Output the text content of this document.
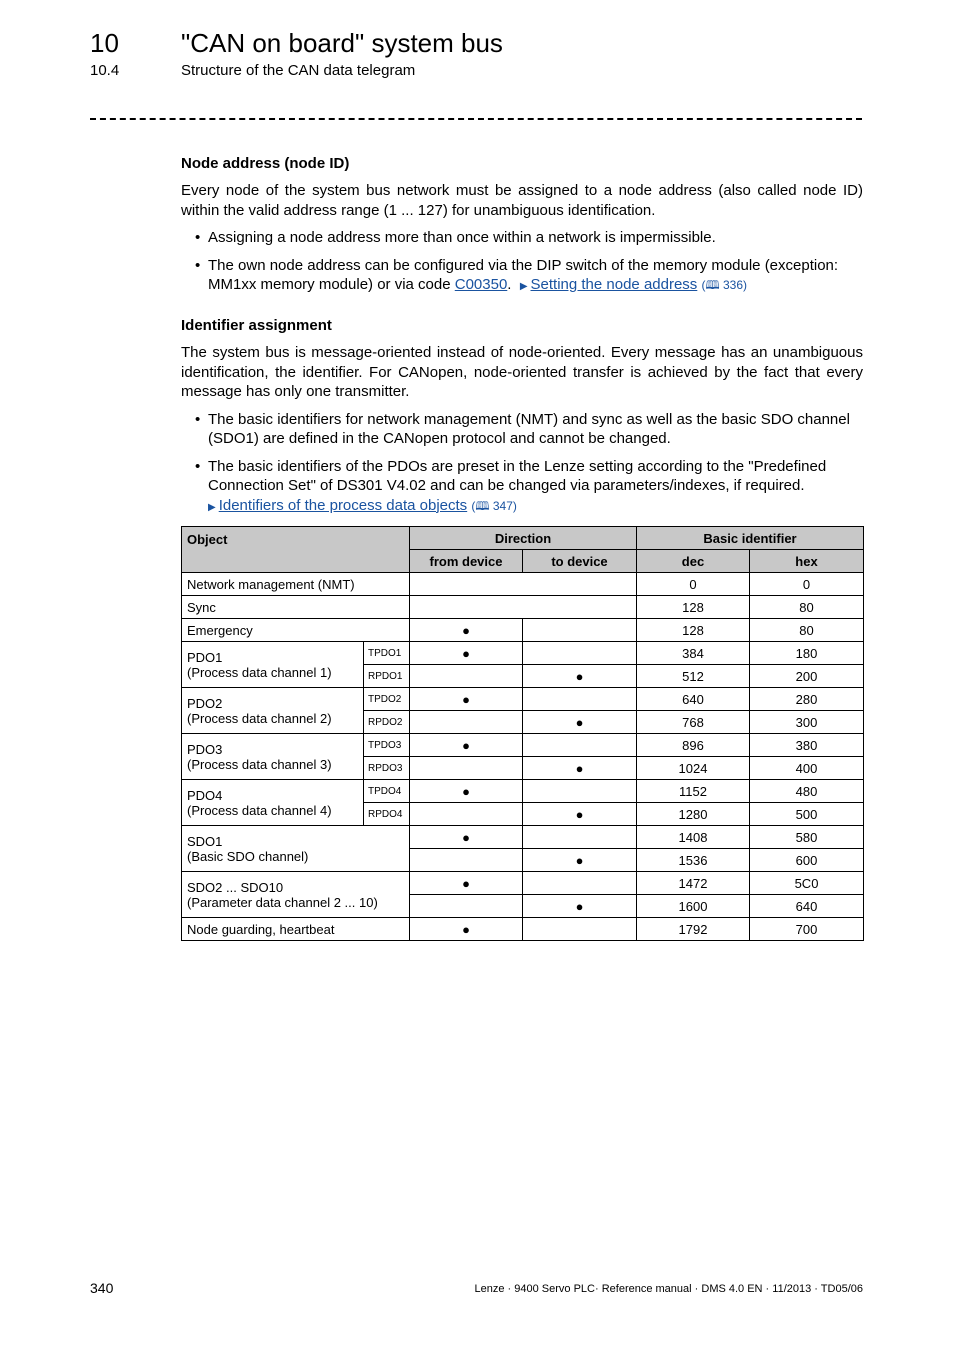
10 "CAN on board" system bus
10.4	Structure of the CAN data telegram
Node address (node ID)

Every node of the system bus network must be assigned to a node address (also called node ID) within the valid address range (1 ... 127) for unambiguous identification.

• Assigning a node address more than once within a network is impermissible.

• The own node address can be configured via the DIP switch of the memory module (exception: MM1xx memory module) or via code C00350. ▶ Setting the node address (🕮 336)

Identifier assignment

The system bus is message-oriented instead of node-oriented. Every message has an unambiguous identification, the identifier. For CANopen, node-oriented transfer is achieved by the fact that every message has only one transmitter.

• The basic identifiers for network management (NMT) and sync as well as the basic SDO channel (SDO1) are defined in the CANopen protocol and cannot be changed.

• The basic identifiers of the PDOs are preset in the Lenze setting according to the "Predefined Connection Set" of DS301 V4.02 and can be changed via parameters/indexes, if required.
▶ Identifiers of the process data objects (🕮 347)

Object		Direction		Basic identifier	
		from device	to device	dec	hex
Network management (NMT)				0	0
Sync				128	80
Emergency		●		128	80
PDO1
(Process data channel 1)	TPDO1	●		384	180
	RPDO1		●	512	200
PDO2
(Process data channel 2)	TPDO2	●		640	280
	RPDO2		●	768	300
PDO3
(Process data channel 3)	TPDO3	●		896	380
	RPDO3		●	1024	400
PDO4
(Process data channel 4)	TPDO4	●		1152	480
	RPDO4		●	1280	500
SDO1
(Basic SDO channel)		●		1408	580
			●	1536	600
SDO2 ... SDO10
(Parameter data channel 2 ... 10)		●		1472	5C0
			●	1600	640
Node guarding, heartbeat		●		1792	700
340	Lenze · 9400 Servo PLC· Reference manual · DMS 4.0 EN · 11/2013 · TD05/06
